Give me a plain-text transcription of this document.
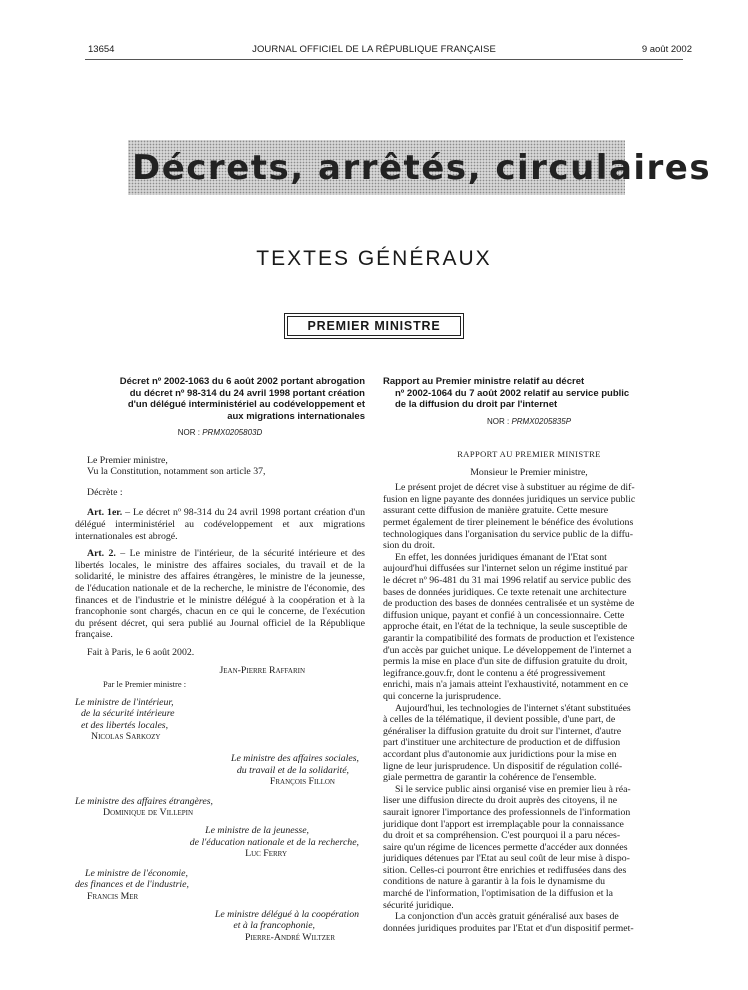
13654	JOURNAL OFFICIEL DE LA RÉPUBLIQUE FRANÇAISE	9 août 2002
Décrets, arrêtés, circulaires
TEXTES GÉNÉRAUX
PREMIER MINISTRE
Décret nº 2002-1063 du 6 août 2002 portant abrogation
du décret nº 98-314 du 24 avril 1998 portant création
d'un délégué interministériel au codéveloppement et
aux migrations internationales
NOR : PRMX0205803D
Le Premier ministre,
Vu la Constitution, notamment son article 37,
Décrète :
Art. 1er. – Le décret nº 98-314 du 24 avril 1998 portant création d'un délégué interministériel au codéveloppement et aux migrations internationales est abrogé.
Art. 2. – Le ministre de l'intérieur, de la sécurité intérieure et des libertés locales, le ministre des affaires sociales, du travail et de la solidarité, le ministre des affaires étrangères, le ministre de la jeunesse, de l'éducation nationale et de la recherche, le ministre de l'économie, des finances et de l'industrie et le ministre délégué à la coopération et à la francophonie sont chargés, chacun en ce qui le concerne, de l'exécution du présent décret, qui sera publié au Journal officiel de la République française.
Fait à Paris, le 6 août 2002.
Jean-Pierre Raffarin
Par le Premier ministre :
Le ministre de l'intérieur,
de la sécurité intérieure
et des libertés locales,
Nicolas Sarkozy
Le ministre des affaires sociales,
du travail et de la solidarité,
François Fillon
Le ministre des affaires étrangères,
Dominique de Villepin
Le ministre de la jeunesse,
de l'éducation nationale et de la recherche,
Luc Ferry
Le ministre de l'économie,
des finances et de l'industrie,
Francis Mer
Le ministre délégué à la coopération
et à la francophonie,
Pierre-André Wiltzer
Rapport au Premier ministre relatif au décret
nº 2002-1064 du 7 août 2002 relatif au service public
de la diffusion du droit par l'internet
NOR : PRMX0205835P
RAPPORT AU PREMIER MINISTRE
Monsieur le Premier ministre,
Le présent projet de décret vise à substituer au régime de dif-
fusion en ligne payante des données juridiques un service public
assurant cette diffusion de manière gratuite. Cette mesure
permet également de tirer pleinement le bénéfice des évolutions
technologiques dans l'organisation du service public de la diffu-
sion du droit.
En effet, les données juridiques émanant de l'Etat sont
aujourd'hui diffusées sur l'internet selon un régime institué par
le décret nº 96-481 du 31 mai 1996 relatif au service public des
bases de données juridiques. Ce texte retenait une architecture
de production des bases de données centralisée et un système de
diffusion unique, payant et confié à un concessionnaire. Cette
approche était, en l'état de la technique, la seule susceptible de
garantir la compatibilité des formats de production et l'existence
d'un accès par guichet unique. Le développement de l'internet a
permis la mise en place d'un site de diffusion gratuite du droit,
legifrance.gouv.fr, dont le contenu a été progressivement
enrichi, mais n'a jamais atteint l'exhaustivité, notamment en ce
qui concerne la jurisprudence.
Aujourd'hui, les technologies de l'internet s'étant substituées
à celles de la télématique, il devient possible, d'une part, de
généraliser la diffusion gratuite du droit sur l'internet, d'autre
part d'instituer une architecture de production et de diffusion
accordant plus d'autonomie aux juridictions pour la mise en
ligne de leur jurisprudence. Un dispositif de régulation collé-
giale permettra de garantir la cohérence de l'ensemble.
Si le service public ainsi organisé vise en premier lieu à réa-
liser une diffusion directe du droit auprès des citoyens, il ne
saurait ignorer l'importance des professionnels de l'information
juridique dont l'apport est irremplaçable pour la connaissance
du droit et sa compréhension. C'est pourquoi il a paru néces-
saire qu'un régime de licences permette d'accéder aux données
juridiques détenues par l'Etat au seul coût de leur mise à dispo-
sition. Celles-ci pourront être enrichies et rediffusées dans des
conditions de nature à garantir à la fois le dynamisme du
marché de l'information, l'optimisation de la diffusion et la
sécurité juridique.
La conjonction d'un accès gratuit généralisé aux bases de
données juridiques produites par l'Etat et d'un dispositif permet-
